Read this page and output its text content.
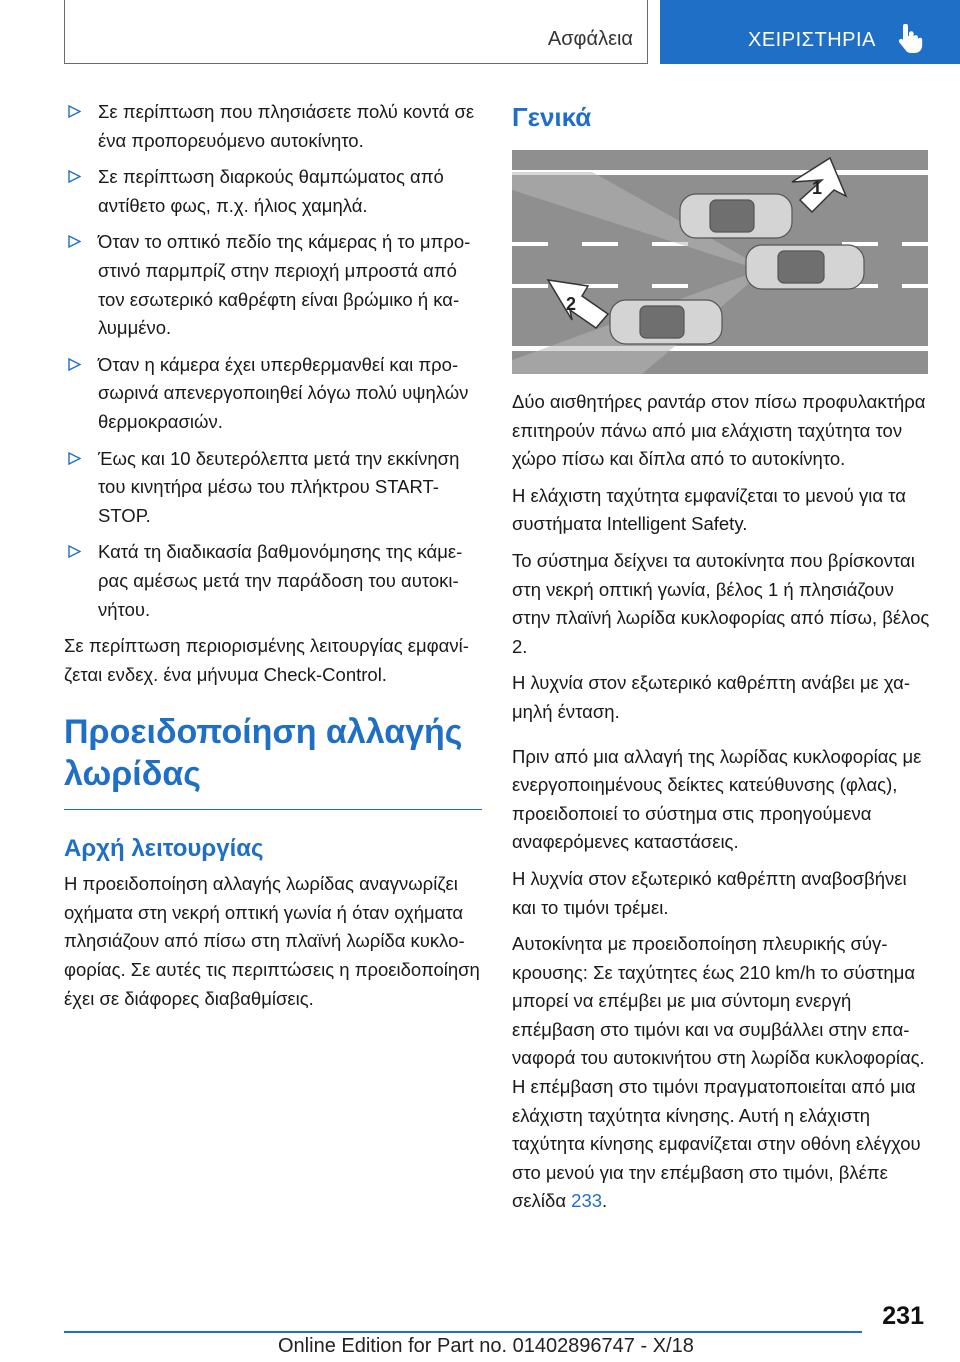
Ασφάλεια	ΧΕΙΡΙΣΤΗΡΙΑ
Σε περίπτωση που πλησιάσετε πολύ κοντά σε ένα προπορευόμενο αυτοκίνητο.
Σε περίπτωση διαρκούς θαμπώματος από αντίθετο φως, π.χ. ήλιος χαμηλά.
Όταν το οπτικό πεδίο της κάμερας ή το μπροστινό παρμπρίζ στην περιοχή μπροστά από τον εσωτερικό καθρέφτη είναι βρώμικο ή καλυμμένο.
Όταν η κάμερα έχει υπερθερμανθεί και προσωρινά απενεργοποιηθεί λόγω πολύ υψηλών θερμοκρασιών.
Έως και 10 δευτερόλεπτα μετά την εκκίνηση του κινητήρα μέσω του πλήκτρου START-STOP.
Κατά τη διαδικασία βαθμονόμησης της κάμερας αμέσως μετά την παράδοση του αυτοκινήτου.

Σε περίπτωση περιορισμένης λειτουργίας εμφανίζεται ενδεχ. ένα μήνυμα Check-Control.

Προειδοποίηση αλλαγής λωρίδας
Αρχή λειτουργίας

Η προειδοποίηση αλλαγής λωρίδας αναγνωρίζει οχήματα στη νεκρή οπτική γωνία ή όταν οχήματα πλησιάζουν από πίσω στη πλαϊνή λωρίδα κυκλοφορίας. Σε αυτές τις περιπτώσεις η προειδοποίηση έχει σε διάφορες διαβαθμίσεις.

Γενικά
1
2

Δύο αισθητήρες ραντάρ στον πίσω προφυλακτήρα επιτηρούν πάνω από μια ελάχιστη ταχύτητα τον χώρο πίσω και δίπλα από το αυτοκίνητο.

Η ελάχιστη ταχύτητα εμφανίζεται το μενού για τα συστήματα Intelligent Safety.

Το σύστημα δείχνει τα αυτοκίνητα που βρίσκονται στη νεκρή οπτική γωνία, βέλος 1 ή πλησιάζουν στην πλαϊνή λωρίδα κυκλοφορίας από πίσω, βέλος 2.

Η λυχνία στον εξωτερικό καθρέπτη ανάβει με χαμηλή ένταση.

Πριν από μια αλλαγή της λωρίδας κυκλοφορίας με ενεργοποιημένους δείκτες κατεύθυνσης (φλας), προειδοποιεί το σύστημα στις προηγούμενα αναφερόμενες καταστάσεις.

Η λυχνία στον εξωτερικό καθρέπτη αναβοσβήνει και το τιμόνι τρέμει.

Αυτοκίνητα με προειδοποίηση πλευρικής σύγκρουσης: Σε ταχύτητες έως 210 km/h το σύστημα μπορεί να επέμβει με μια σύντομη ενεργή επέμβαση στο τιμόνι και να συμβάλλει στην επαναφορά του αυτοκινήτου στη λωρίδα κυκλοφορίας. Η επέμβαση στο τιμόνι πραγματοποιείται από μια ελάχιστη ταχύτητα κίνησης. Αυτή η ελάχιστη ταχύτητα κίνησης εμφανίζεται στην οθόνη ελέγχου στο μενού για την επέμβαση στο τιμόνι, βλέπε σελίδα 233.

231
Online Edition for Part no. 01402896747 - X/18
